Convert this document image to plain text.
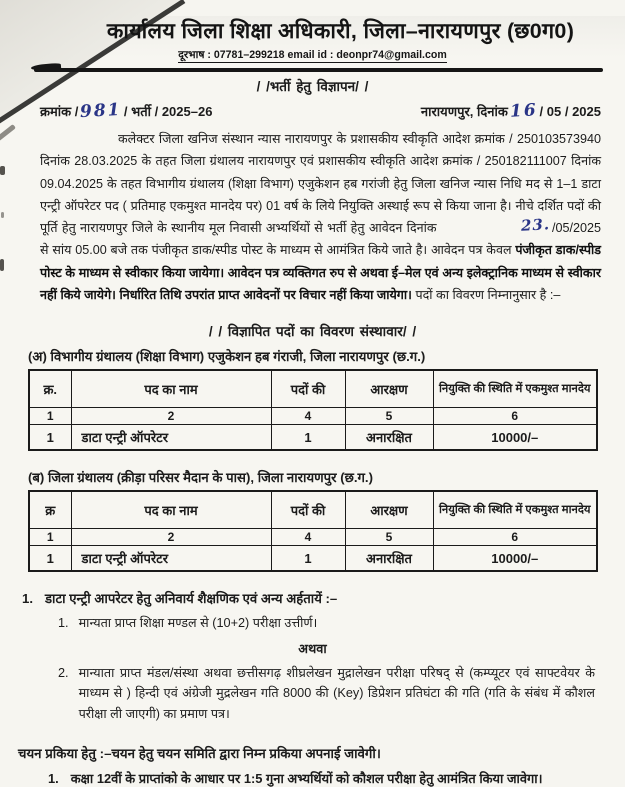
कार्यालय जिला शिक्षा अधिकारी, जिला–नारायणपुर (छ0ग0)
दूरभाष : 07781–299218 email id : deonpr74@gmail.com
/ /भर्ती हेतु विज्ञापन/ /
क्रमांक /981 / भर्ती / 2025–26	नारायणपुर, दिनांक16 / 05 / 2025

कलेक्टर जिला खनिज संस्थान न्यास नारायणपुर के प्रशासकीय स्वीकृति आदेश क्रमांक / 250103573940 दिनांक 28.03.2025 के तहत जिला ग्रंथालय नारायणपुर एवं प्रशासकीय स्वीकृति आदेश क्रमांक / 250182111007 दिनांक 09.04.2025 के तहत विभागीय ग्रंथालय (शिक्षा विभाग) एजुकेशन हब गरांजी हेतु जिला खनिज न्यास निधि मद से 1–1 डाटा एन्ट्री ऑपरेटर पद ( प्रतिमाह एकमुश्त मानदेय पर) 01 वर्ष के लिये नियुक्ति अस्थाई रूप से किया जाना है। नीचे दर्शित पदों की पूर्ति हेतु नारायणपुर जिले के स्थानीय मूल निवासी अभ्यर्थियों से भर्ती हेतु आवेदन दिनांक	23. /05/2025 से सांय 05.00 बजे तक पंजीकृत डाक/स्पीड पोस्ट के माध्यम से आमंत्रित किये जाते है। आवेदन पत्र केवल पंजीकृत डाक/स्पीड पोस्ट के माध्यम से स्वीकार किया जायेगा। आवेदन पत्र व्यक्तिगत रुप से अथवा ई–मेल एवं अन्य इलेक्ट्रानिक माध्यम से स्वीकार नहीं किये जायेगे। निर्धारित तिथि उपरांत प्राप्त आवेदनों पर विचार नहीं किया जायेगा। पदों का विवरण निम्नानुसार है :–

/ / विज्ञापित पदों का विवरण संस्थावार/ /
(अ) विभागीय ग्रंथालय (शिक्षा विभाग) एजुकेशन हब गंराजी, जिला नारायणपुर (छ.ग.)
क्र.	पद का नाम	पदों की	आरक्षण	नियुक्ति की स्थिति में एकमुश्त मानदेय
1	2	4	5	6
1	डाटा एन्ट्री ऑपरेटर	1	अनारक्षित	10000/–
(ब) जिला ग्रंथालय (क्रीड़ा परिसर मैदान के पास), जिला नारायणपुर (छ.ग.)
क्र	पद का नाम	पदों की	आरक्षण	नियुक्ति की स्थिति में एकमुश्त मानदेय
1	2	4	5	6
1	डाटा एन्ट्री ऑपरेटर	1	अनारक्षित	10000/–
1. डाटा एन्ट्री आपरेटर हेतु अनिवार्य शैक्षणिक एवं अन्य अर्हतायें :–
1. मान्यता प्राप्त शिक्षा मण्डल से (10+2) परीक्षा उत्तीर्ण।
अथवा
2. मान्याता प्राप्त मंडल/संस्था अथवा छत्तीसगढ़ शीघ्रलेखन मुद्रालेखन परीक्षा परिषद् से (कम्प्यूटर एवं साफ्टवेयर के माध्यम से ) हिन्दी एवं अंग्रेजी मुद्रलेखन गति 8000 की (Key) डिप्रेशन प्रतिघंटा की गति (गति के संबंध में कौशल परीक्षा ली जाएगी) का प्रमाण पत्र।
चयन प्रकिया हेतु :–चयन हेतु चयन समिति द्वारा निम्न प्रकिया अपनाई जावेगी।
1. कक्षा 12वीं के प्राप्तांको के आधार पर 1:5 गुना अभ्यर्थियों को कौशल परीक्षा हेतु आमंत्रित किया जावेगा।
